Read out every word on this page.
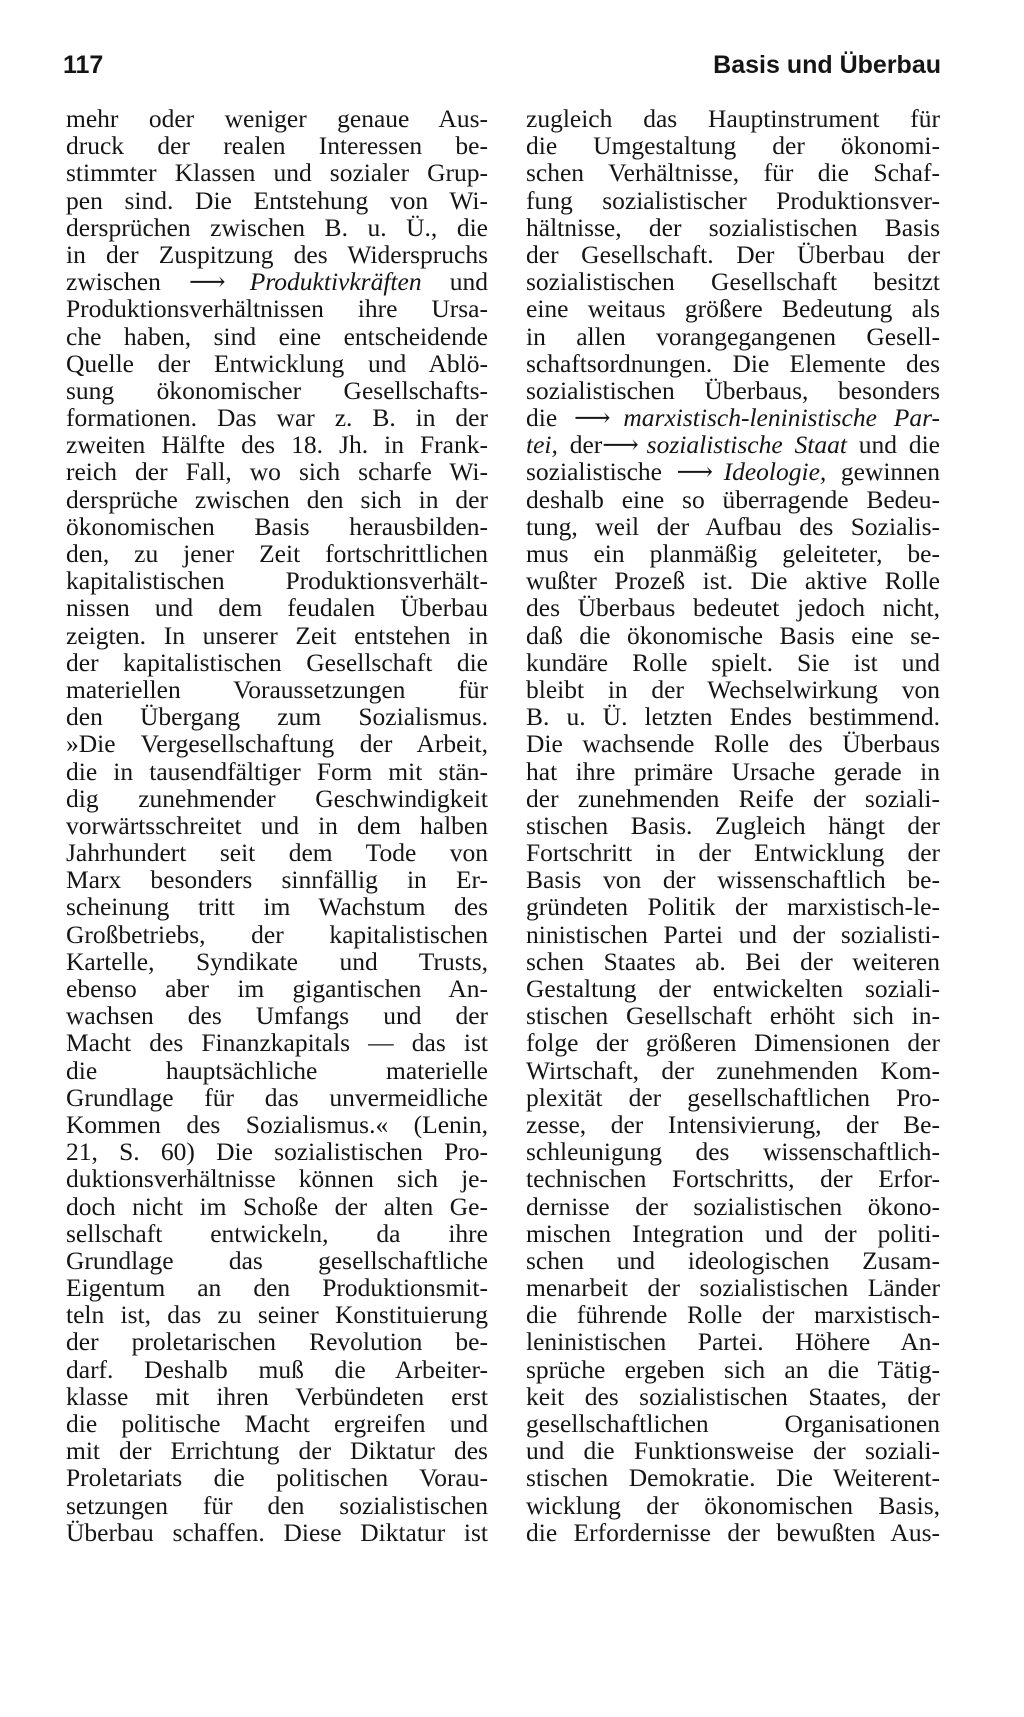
117	Basis und Überbau
mehr oder weniger genaue Aus-
druck der realen Interessen be-
stimmter Klassen und sozialer Grup-
pen sind. Die Entstehung von Wi-
dersprüchen zwischen B. u. Ü., die
in der Zuspitzung des Widerspruchs
zwischen ⟶ Produktivkräften und
Produktionsverhältnissen ihre Ursa-
che haben, sind eine entscheidende
Quelle der Entwicklung und Ablö-
sung ökonomischer Gesellschafts-
formationen. Das war z. B. in der
zweiten Hälfte des 18. Jh. in Frank-
reich der Fall, wo sich scharfe Wi-
dersprüche zwischen den sich in der
ökonomischen Basis herausbilden-
den, zu jener Zeit fortschrittlichen
kapitalistischen Produktionsverhält-
nissen und dem feudalen Überbau
zeigten. In unserer Zeit entstehen in
der kapitalistischen Gesellschaft die
materiellen Voraussetzungen für
den Übergang zum Sozialismus.
»Die Vergesellschaftung der Arbeit,
die in tausendfältiger Form mit stän-
dig zunehmender Geschwindigkeit
vorwärtsschreitet und in dem halben
Jahrhundert seit dem Tode von
Marx besonders sinnfällig in Er-
scheinung tritt im Wachstum des
Großbetriebs, der kapitalistischen
Kartelle, Syndikate und Trusts,
ebenso aber im gigantischen An-
wachsen des Umfangs und der
Macht des Finanzkapitals — das ist
die hauptsächliche materielle
Grundlage für das unvermeidliche
Kommen des Sozialismus.« (Lenin,
21, S. 60) Die sozialistischen Pro-
duktionsverhältnisse können sich je-
doch nicht im Schoße der alten Ge-
sellschaft entwickeln, da ihre
Grundlage das gesellschaftliche
Eigentum an den Produktionsmit-
teln ist, das zu seiner Konstituierung
der proletarischen Revolution be-
darf. Deshalb muß die Arbeiter-
klasse mit ihren Verbündeten erst
die politische Macht ergreifen und
mit der Errichtung der Diktatur des
Proletariats die politischen Vorau-
setzungen für den sozialistischen
Überbau schaffen. Diese Diktatur ist
zugleich das Hauptinstrument für
die Umgestaltung der ökonomi-
schen Verhältnisse, für die Schaf-
fung sozialistischer Produktionsver-
hältnisse, der sozialistischen Basis
der Gesellschaft. Der Überbau der
sozialistischen Gesellschaft besitzt
eine weitaus größere Bedeutung als
in allen vorangegangenen Gesell-
schaftsordnungen. Die Elemente des
sozialistischen Überbaus, besonders
die ⟶ marxistisch-leninistische Par-
tei, der⟶ sozialistische Staat und die
sozialistische ⟶ Ideologie, gewinnen
deshalb eine so überragende Bedeu-
tung, weil der Aufbau des Sozialis-
mus ein planmäßig geleiteter, be-
wußter Prozeß ist. Die aktive Rolle
des Überbaus bedeutet jedoch nicht,
daß die ökonomische Basis eine se-
kundäre Rolle spielt. Sie ist und
bleibt in der Wechselwirkung von
B. u. Ü. letzten Endes bestimmend.
Die wachsende Rolle des Überbaus
hat ihre primäre Ursache gerade in
der zunehmenden Reife der soziali-
stischen Basis. Zugleich hängt der
Fortschritt in der Entwicklung der
Basis von der wissenschaftlich be-
gründeten Politik der marxistisch-le-
ninistischen Partei und der sozialisti-
schen Staates ab. Bei der weiteren
Gestaltung der entwickelten soziali-
stischen Gesellschaft erhöht sich in-
folge der größeren Dimensionen der
Wirtschaft, der zunehmenden Kom-
plexität der gesellschaftlichen Pro-
zesse, der Intensivierung, der Be-
schleunigung des wissenschaftlich-
technischen Fortschritts, der Erfor-
dernisse der sozialistischen ökono-
mischen Integration und der politi-
schen und ideologischen Zusam-
menarbeit der sozialistischen Länder
die führende Rolle der marxistisch-
leninistischen Partei. Höhere An-
sprüche ergeben sich an die Tätig-
keit des sozialistischen Staates, der
gesellschaftlichen Organisationen
und die Funktionsweise der soziali-
stischen Demokratie. Die Weiterent-
wicklung der ökonomischen Basis,
die Erfordernisse der bewußten Aus-
